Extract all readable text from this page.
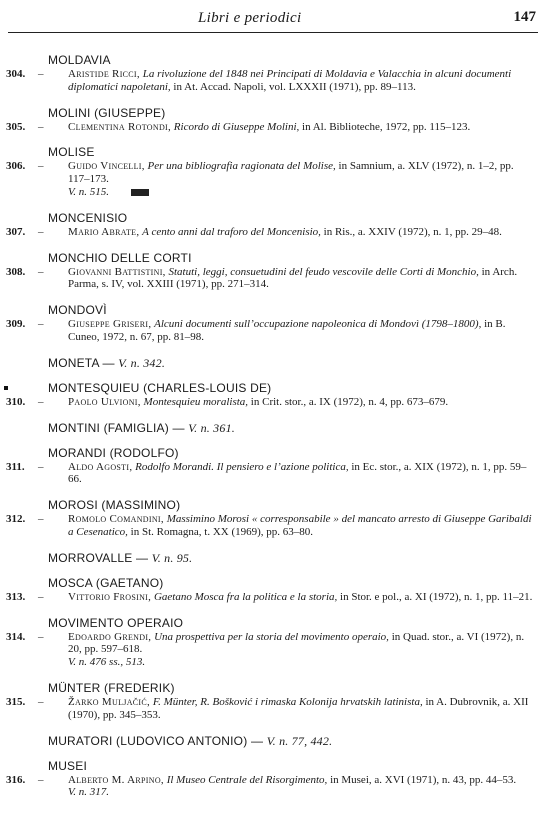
Libri e periodici	147
MOLDAVIA
304. – Aristide Ricci, La rivoluzione del 1848 nei Principati di Moldavia e Valacchia in alcuni documenti diplomatici napoletani, in At. Accad. Napoli, vol. LXXXII (1971), pp. 89–113.
MOLINI (GIUSEPPE)
305. – Clementina Rotondi, Ricordo di Giuseppe Molini, in Al. Biblioteche, 1972, pp. 115–123.
MOLISE
306. – Guido Vincelli, Per una bibliografia ragionata del Molise, in Samnium, a. XLV (1972), n. 1–2, pp. 117–173.
V. n. 515.
MONCENISIO
307. – Mario Abrate, A cento anni dal traforo del Moncenisio, in Ris., a. XXIV (1972), n. 1, pp. 29–48.
MONCHIO DELLE CORTI
308. – Giovanni Battistini, Statuti, leggi, consuetudini del feudo vescovile delle Corti di Monchio, in Arch. Parma, s. IV, vol. XXIII (1971), pp. 271–314.
MONDOVÌ
309. – Giuseppe Griseri, Alcuni documenti sull’occupazione napoleonica di Mondovì (1798–1800), in B. Cuneo, 1972, n. 67, pp. 81–98.
MONETA — V. n. 342.
MONTESQUIEU (CHARLES-LOUIS DE)
310. – Paolo Ulvioni, Montesquieu moralista, in Crit. stor., a. IX (1972), n. 4, pp. 673–679.
MONTINI (FAMIGLIA) — V. n. 361.
MORANDI (RODOLFO)
311. – Aldo Agosti, Rodolfo Morandi. Il pensiero e l’azione politica, in Ec. stor., a. XIX (1972), n. 1, pp. 59–66.
MOROSI (MASSIMINO)
312. – Romolo Comandini, Massimino Morosi « corresponsabile » del mancato arresto di Giuseppe Garibaldi a Cesenatico, in St. Romagna, t. XX (1969), pp. 63–80.
MORROVALLE — V. n. 95.
MOSCA (GAETANO)
313. – Vittorio Frosini, Gaetano Mosca fra la politica e la storia, in Stor. e pol., a. XI (1972), n. 1, pp. 11–21.
MOVIMENTO OPERAIO
314. – Edoardo Grendi, Una prospettiva per la storia del movimento operaio, in Quad. stor., a. VI (1972), n. 20, pp. 597–618.
V. n. 476 ss., 513.
MÜNTER (FREDERIK)
315. – Žarko Muljačić, F. Münter, R. Bošković i rimaska Kolonija hrvatskih latinista, in A. Dubrovnik, a. XII (1970), pp. 345–353.
MURATORI (LUDOVICO ANTONIO) — V. n. 77, 442.
MUSEI
316. – Alberto M. Arpino, Il Museo Centrale del Risorgimento, in Musei, a. XVI (1971), n. 43, pp. 44–53.
V. n. 317.
